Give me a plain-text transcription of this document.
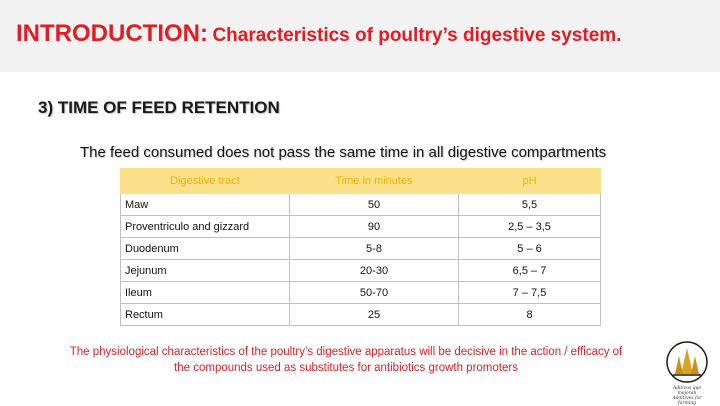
INTRODUCTION: Characteristics of poultry’s digestive system.
3) TIME OF FEED RETENTION
The feed consumed does not pass the same time in all digestive compartments
Digestive tract	Time in minutes	pH
Maw	50	5,5
Proventriculo and gizzard	90	2,5 – 3,5
Duodenum	5-8	5 – 6
Jejunum	20-30	6,5 – 7
Ileum	50-70	7 – 7,5
Rectum	25	8
The physiological characteristics of the poultry’s digestive apparatus will be decisive in the action / efficacy of
the compounds used as substitutes for antibiotics growth promoters
Aditivos que mejoran
Additives for farming
